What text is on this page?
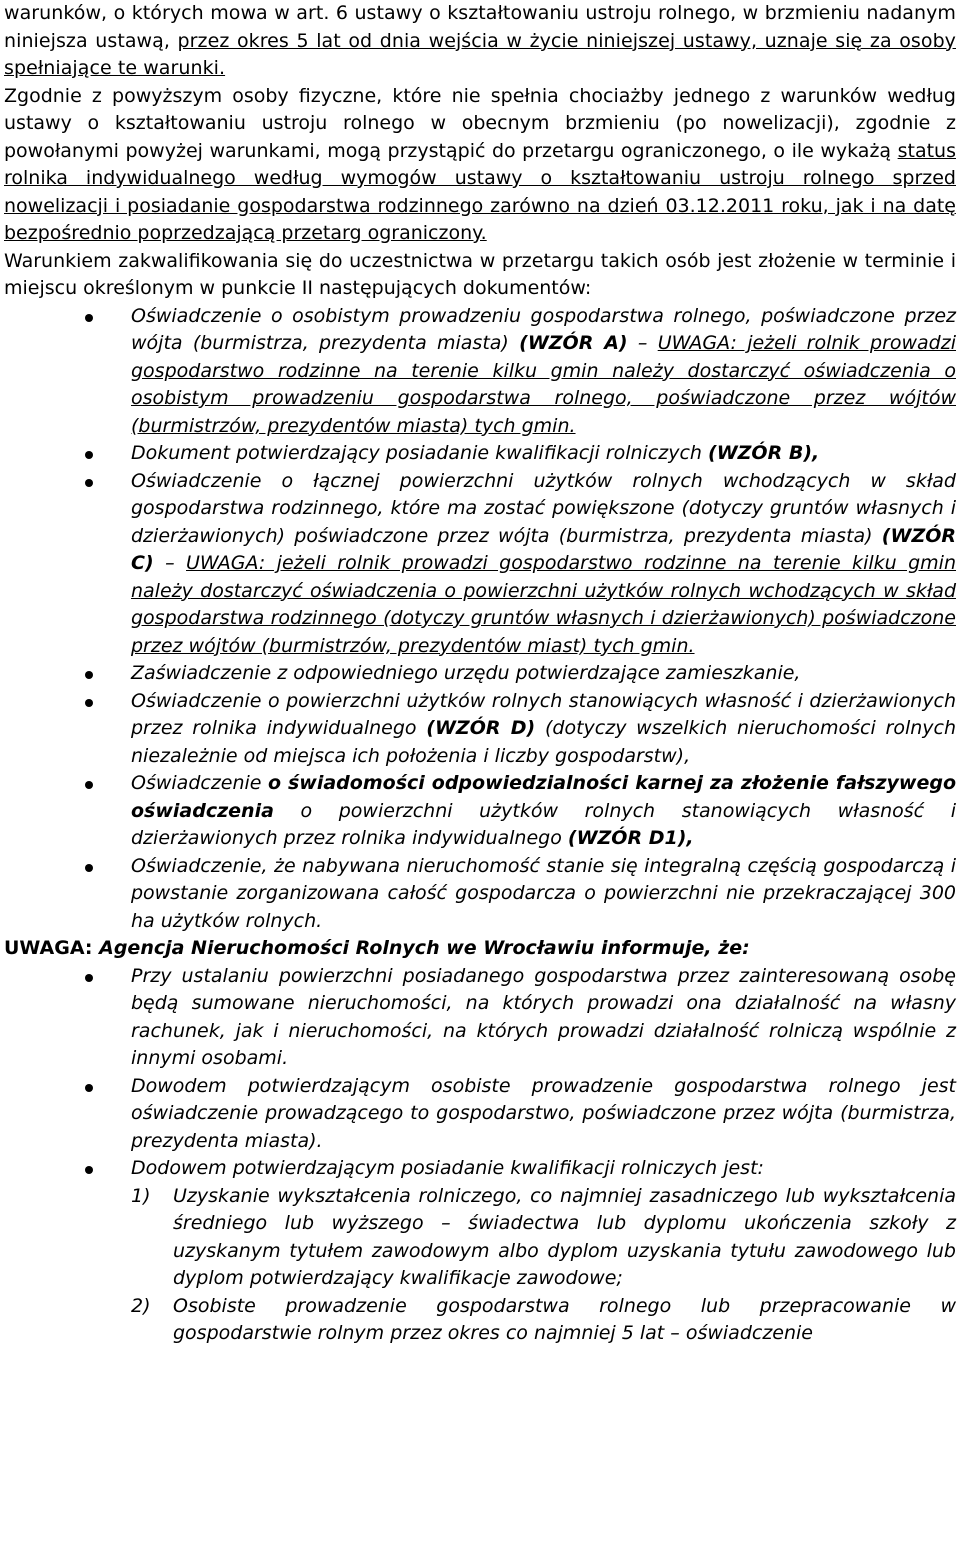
warunków, o których mowa w art. 6 ustawy o kształtowaniu ustroju rolnego, w brzmieniu nadanym niniejsza ustawą, przez okres 5 lat od dnia wejścia w życie niniejszej ustawy, uznaje się za osoby spełniające te warunki.

Zgodnie z powyższym osoby fizyczne, które nie spełnia chociażby jednego z warunków według ustawy o kształtowaniu ustroju rolnego w obecnym brzmieniu (po nowelizacji), zgodnie z powołanymi powyżej warunkami, mogą przystąpić do przetargu ograniczonego, o ile wykażą status rolnika indywidualnego według wymogów ustawy o kształtowaniu ustroju rolnego sprzed nowelizacji i posiadanie gospodarstwa rodzinnego zarówno na dzień 03.12.2011 roku, jak i na datę bezpośrednio poprzedzającą przetarg ograniczony.

Warunkiem zakwalifikowania się do uczestnictwa w przetargu takich osób jest złożenie w terminie i miejscu określonym w punkcie II następujących dokumentów:

Oświadczenie o osobistym prowadzeniu gospodarstwa rolnego, poświadczone przez wójta (burmistrza, prezydenta miasta) (WZÓR A) – UWAGA: jeżeli rolnik prowadzi gospodarstwo rodzinne na terenie kilku gmin należy dostarczyć oświadczenia o osobistym prowadzeniu gospodarstwa rolnego, poświadczone przez wójtów (burmistrzów, prezydentów miasta) tych gmin.
Dokument potwierdzający posiadanie kwalifikacji rolniczych (WZÓR B),
Oświadczenie o łącznej powierzchni użytków rolnych wchodzących w skład gospodarstwa rodzinnego, które ma zostać powiększone (dotyczy gruntów własnych i dzierżawionych) poświadczone przez wójta (burmistrza, prezydenta miasta) (WZÓR C) – UWAGA: jeżeli rolnik prowadzi gospodarstwo rodzinne na terenie kilku gmin należy dostarczyć oświadczenia o powierzchni użytków rolnych wchodzących w skład gospodarstwa rodzinnego (dotyczy gruntów własnych i dzierżawionych) poświadczone przez wójtów (burmistrzów, prezydentów miast) tych gmin.
Zaświadczenie z odpowiedniego urzędu potwierdzające zamieszkanie,
Oświadczenie o powierzchni użytków rolnych stanowiących własność i dzierżawionych przez rolnika indywidualnego (WZÓR D) (dotyczy wszelkich nieruchomości rolnych niezależnie od miejsca ich położenia i liczby gospodarstw),
Oświadczenie o świadomości odpowiedzialności karnej za złożenie fałszywego oświadczenia o powierzchni użytków rolnych stanowiących własność i dzierżawionych przez rolnika indywidualnego (WZÓR D1),
Oświadczenie, że nabywana nieruchomość stanie się integralną częścią gospodarczą i powstanie zorganizowana całość gospodarcza o powierzchni nie przekraczającej 300 ha użytków rolnych.

UWAGA: Agencja Nieruchomości Rolnych we Wrocławiu informuje, że:

Przy ustalaniu powierzchni posiadanego gospodarstwa przez zainteresowaną osobę będą sumowane nieruchomości, na których prowadzi ona działalność na własny rachunek, jak i nieruchomości, na których prowadzi działalność rolniczą wspólnie z innymi osobami.
Dowodem potwierdzającym osobiste prowadzenie gospodarstwa rolnego jest oświadczenie prowadzącego to gospodarstwo, poświadczone przez wójta (burmistrza, prezydenta miasta).
Dodowem potwierdzającym posiadanie kwalifikacji rolniczych jest:
1) Uzyskanie wykształcenia rolniczego, co najmniej zasadniczego lub wykształcenia średniego lub wyższego – świadectwa lub dyplomu ukończenia szkoły z uzyskanym tytułem zawodowym albo dyplom uzyskania tytułu zawodowego lub dyplom potwierdzający kwalifikacje zawodowe;
2) Osobiste prowadzenie gospodarstwa rolnego lub przepracowanie w gospodarstwie rolnym przez okres co najmniej 5 lat – oświadczenie
